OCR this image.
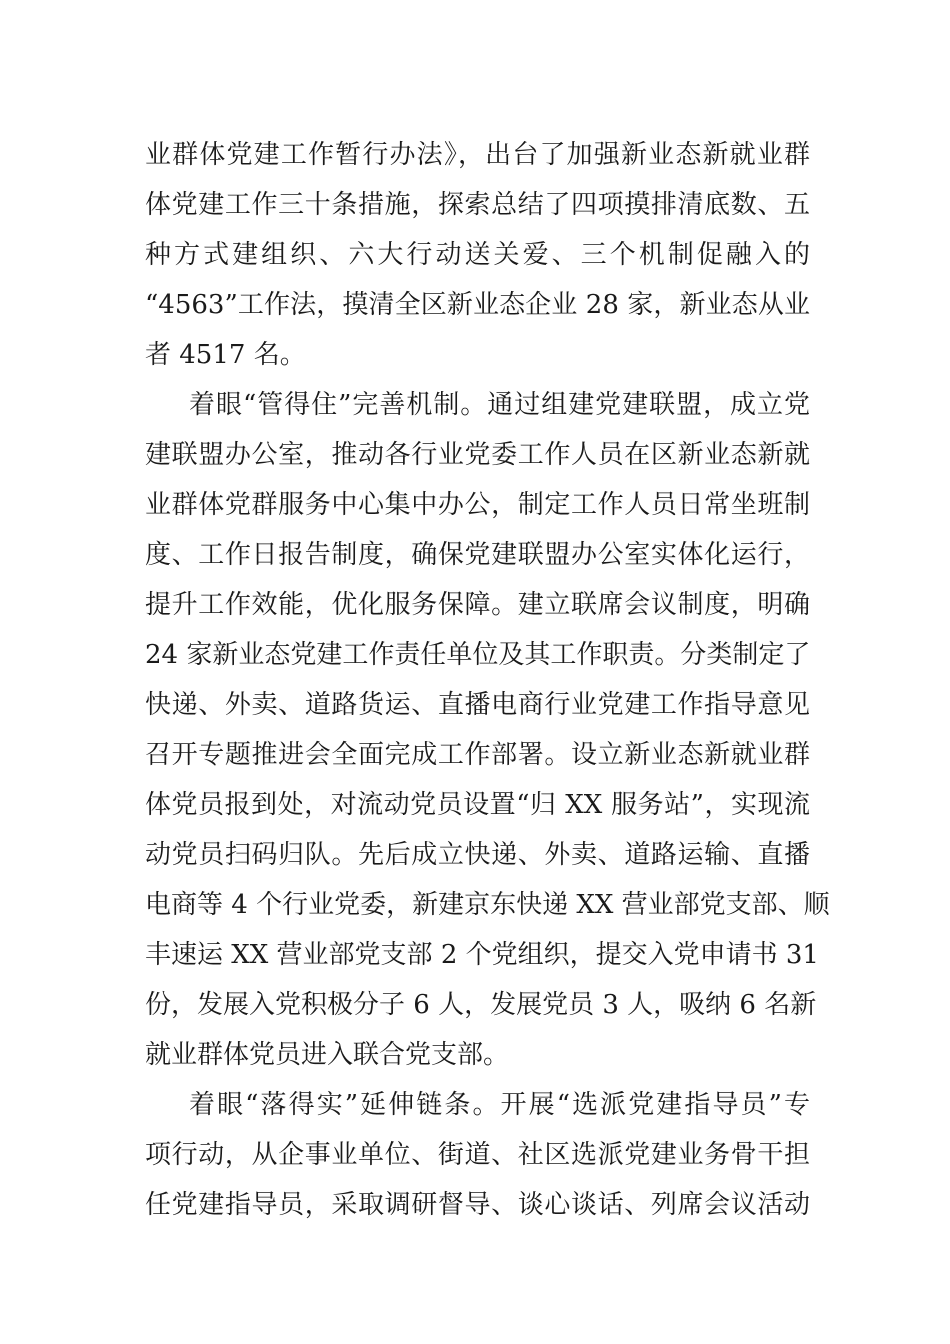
业群体党建工作暂行办法》，出台了加强新业态新就业群
体党建工作三十条措施，探索总结了四项摸排清底数、五
种方式建组织、六大行动送关爱、三个机制促融入的
“4563”工作法，摸清全区新业态企业 28 家，新业态从业
者 4517 名。
着眼“管得住”完善机制。通过组建党建联盟，成立党
建联盟办公室，推动各行业党委工作人员在区新业态新就
业群体党群服务中心集中办公，制定工作人员日常坐班制
度、工作日报告制度，确保党建联盟办公室实体化运行，
提升工作效能，优化服务保障。建立联席会议制度，明确
24 家新业态党建工作责任单位及其工作职责。分类制定了
快递、外卖、道路货运、直播电商行业党建工作指导意见
召开专题推进会全面完成工作部署。设立新业态新就业群
体党员报到处，对流动党员设置“归 XX 服务站”，实现流
动党员扫码归队。先后成立快递、外卖、道路运输、直播
电商等 4 个行业党委，新建京东快递 XX 营业部党支部、顺
丰速运 XX 营业部党支部 2 个党组织，提交入党申请书 31
份，发展入党积极分子 6 人，发展党员 3 人，吸纳 6 名新
就业群体党员进入联合党支部。
着眼“落得实”延伸链条。开展“选派党建指导员”专
项行动，从企事业单位、街道、社区选派党建业务骨干担
任党建指导员，采取调研督导、谈心谈话、列席会议活动
